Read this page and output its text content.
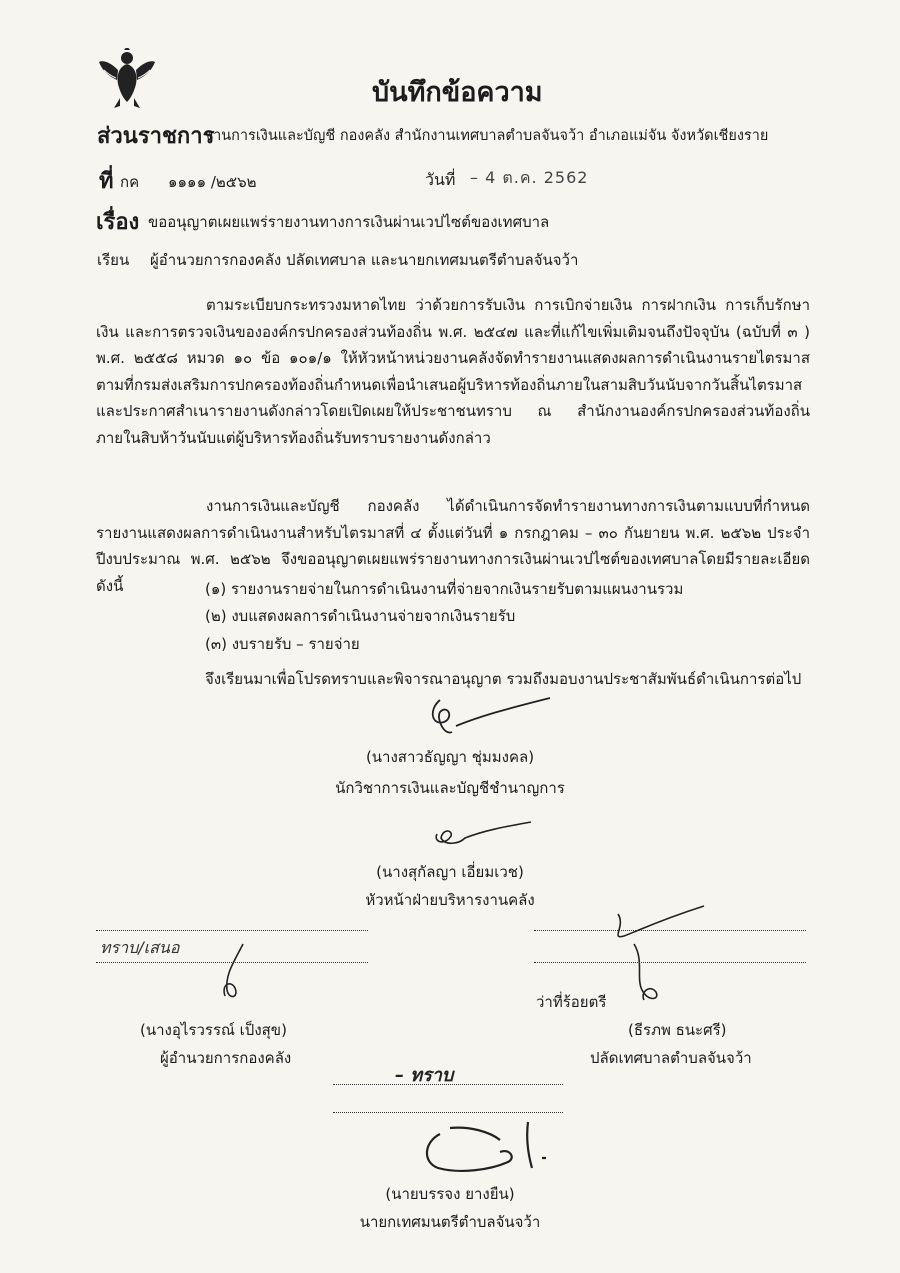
บันทึกข้อความ
ส่วนราชการ
งานการเงินและบัญชี กองคลัง สำนักงานเทศบาลตำบลจันจว้า อำเภอแม่จัน จังหวัดเชียงราย
ที่ กค ๑๑๑๑ /๒๕๖๒	วันที่ – 4 ต.ค. 2562
เรื่อง ขออนุญาตเผยแพร่รายงานทางการเงินผ่านเวปไซต์ของเทศบาล
เรียน ผู้อำนวยการกองคลัง ปลัดเทศบาล และนายกเทศมนตรีตำบลจันจว้า
ตามระเบียบกระทรวงมหาดไทย ว่าด้วยการรับเงิน การเบิกจ่ายเงิน การฝากเงิน การเก็บรักษาเงิน และการตรวจเงินขององค์กรปกครองส่วนท้องถิ่น พ.ศ. ๒๕๔๗ และที่แก้ไขเพิ่มเติมจนถึงปัจจุบัน (ฉบับที่ ๓ ) พ.ศ. ๒๕๕๘ หมวด ๑๐ ข้อ ๑๐๑/๑ ให้หัวหน้าหน่วยงานคลังจัดทำรายงานแสดงผลการดำเนินงานรายไตรมาสตามที่กรมส่งเสริมการปกครองท้องถิ่นกำหนดเพื่อนำเสนอผู้บริหารท้องถิ่นภายในสามสิบวันนับจากวันสิ้นไตรมาสและประกาศสำเนารายงานดังกล่าวโดยเปิดเผยให้ประชาชนทราบ ณ สำนักงานองค์กรปกครองส่วนท้องถิ่นภายในสิบห้าวันนับแต่ผู้บริหารท้องถิ่นรับทราบรายงานดังกล่าว
งานการเงินและบัญชี กองคลัง ได้ดำเนินการจัดทำรายงานทางการเงินตามแบบที่กำหนด รายงานแสดงผลการดำเนินงานสำหรับไตรมาสที่ ๔ ตั้งแต่วันที่ ๑ กรกฎาคม – ๓๐ กันยายน พ.ศ. ๒๕๖๒ ประจำปีงบประมาณ พ.ศ. ๒๕๖๒ จึงขออนุญาตเผยแพร่รายงานทางการเงินผ่านเวปไซต์ของเทศบาลโดยมีรายละเอียดดังนี้	(๑) รายงานรายจ่ายในการดำเนินงานที่จ่ายจากเงินรายรับตามแผนงานรวม
(๒) งบแสดงผลการดำเนินงานจ่ายจากเงินรายรับ
(๓) งบรายรับ – รายจ่าย
จึงเรียนมาเพื่อโปรดทราบและพิจารณาอนุญาต รวมถึงมอบงานประชาสัมพันธ์ดำเนินการต่อไป
(นางสาวธัญญา ชุ่มมงคล)
นักวิชาการเงินและบัญชีชำนาญการ
(นางสุกัลญา เอี่ยมเวช)
หัวหน้าฝ่ายบริหารงานคลัง
ทราบ/เสนอ
(นางอุไรวรรณ์ เป็งสุข)
ผู้อำนวยการกองคลัง
ว่าที่ร้อยตรี
(ธีรภพ ธนะศรี)
ปลัดเทศบาลตำบลจันจว้า
– ทราบ
(นายบรรจง ยางยืน)
นายกเทศมนตรีตำบลจันจว้า
